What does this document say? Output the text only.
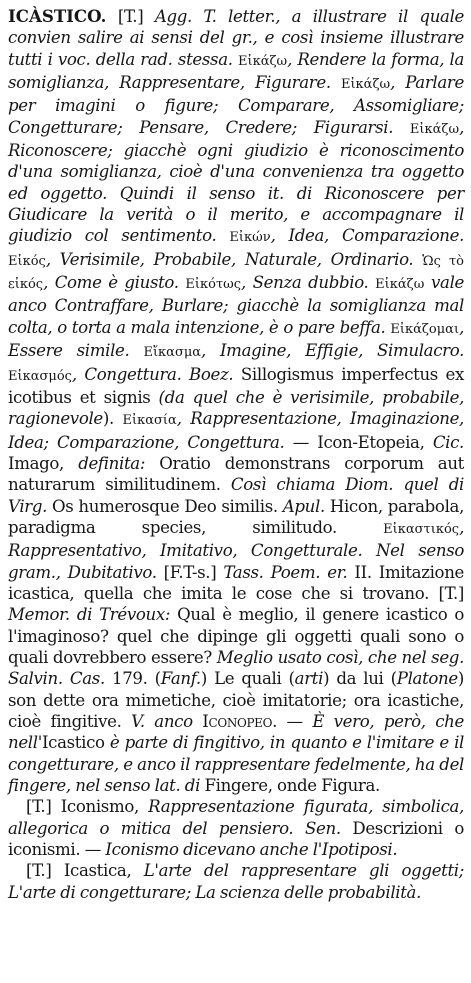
ICÀSTICO. [T.] Agg. T. letter., a illustrare il quale convien salire ai sensi del gr., e così insieme illustrare tutti i voc. della rad. stessa. Εἰκάζω, Rendere la forma, la somiglianza, Rappresentare, Figurare. Εἰκάζω, Parlare per imagini o figure; Comparare, Assomigliare; Congetturare; Pensare, Credere; Figurarsi. Εἰκάζω, Riconoscere; giacchè ogni giudizio è riconoscimento d'una somiglianza, cioè d'una convenienza tra oggetto ed oggetto. Quindi il senso it. di Riconoscere per Giudicare la verità o il merito, e accompagnare il giudizio col sentimento. Εἰκών, Idea, Comparazione. Εἰκός, Verisimile, Probabile, Naturale, Ordinario. Ὡς τὸ εἰκός, Come è giusto. Εἰκότως, Senza dubbio. Εἰκάζω vale anco Contraffare, Burlare; giacchè la somiglianza mal colta, o torta a mala intenzione, è o pare beffa. Εἰκάζομαι, Essere simile. Εἴκασμα, Imagine, Effigie, Simulacro. Εἰκασμός, Congettura. Boez. Sillogismus imperfectus ex icotibus et signis (da quel che è verisimile, probabile, ragionevole). Εἰκασία, Rappresentazione, Imaginazione, Idea; Comparazione, Congettura. — Icon-Etopeia, Cic. Imago, definita: Oratio demonstrans corporum aut naturarum similitudinem. Così chiama Diom. quel di Virg. Os humerosque Deo similis. Apul. Hicon, parabola, paradigma species, similitudo. Εἰκαστικός, Rappresentativo, Imitativo, Congetturale. Nel senso gram., Dubitativo. [F.T-s.] Tass. Poem. er. II. Imitazione icastica, quella che imita le cose che si trovano. [T.] Memor. di Trévoux: Qual è meglio, il genere icastico o l'imaginoso? quel che dipinge gli oggetti quali sono o quali dovrebbero essere? Meglio usato così, che nel seg. Salvin. Cas. 179. (Fanf.) Le quali (arti) da lui (Platone) son dette ora mimetiche, cioè imitatorie; ora icastiche, cioè fingitive. V. anco Iconopeo. — È vero, però, che nell'Icastico è parte di fingitivo, in quanto e l'imitare e il congetturare, e anco il rappresentare fedelmente, ha del fingere, nel senso lat. di Fingere, onde Figura.

[T.] Iconismo, Rappresentazione figurata, simbolica, allegorica o mitica del pensiero. Sen. Descrizioni o iconismi. — Iconismo dicevano anche l'Ipotiposi.

[T.] Icastica, L'arte del rappresentare gli oggetti; L'arte di congetturare; La scienza delle probabilità.
